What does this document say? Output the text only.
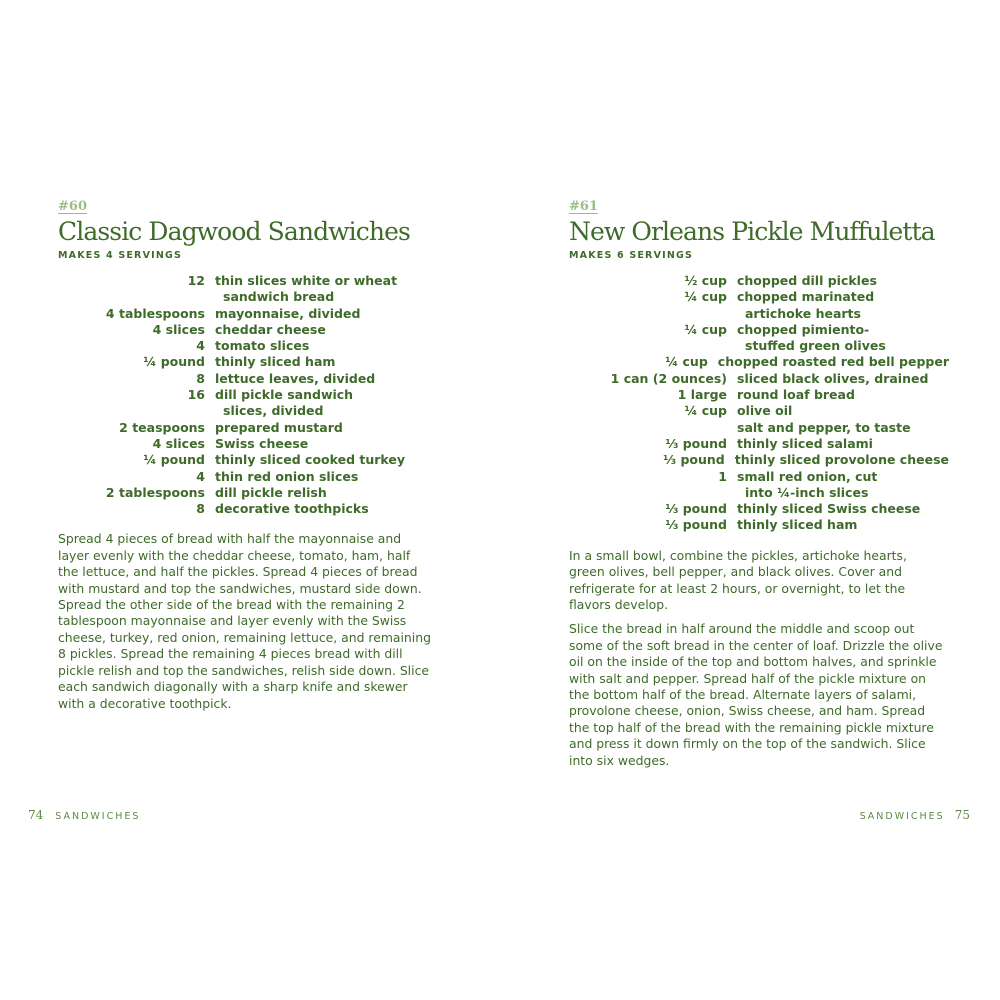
#60
Classic Dagwood Sandwiches
MAKES 4 SERVINGS
12 thin slices white or wheat
sandwich bread
4 tablespoons mayonnaise, divided
4 slices cheddar cheese
4 tomato slices
¼ pound thinly sliced ham
8 lettuce leaves, divided
16 dill pickle sandwich
slices, divided
2 teaspoons prepared mustard
4 slices Swiss cheese
¼ pound thinly sliced cooked turkey
4 thin red onion slices
2 tablespoons dill pickle relish
8 decorative toothpicks

Spread 4 pieces of bread with half the mayonnaise and layer evenly with the cheddar cheese, tomato, ham, half the lettuce, and half the pickles. Spread 4 pieces of bread with mustard and top the sandwiches, mustard side down. Spread the other side of the bread with the remaining 2 tablespoon mayonnaise and layer evenly with the Swiss cheese, turkey, red onion, remaining lettuce, and remaining 8 pickles. Spread the remaining 4 pieces bread with dill pickle relish and top the sandwiches, relish side down. Slice each sandwich diagonally with a sharp knife and skewer with a decorative toothpick.

74 SANDWICHES
#61
New Orleans Pickle Muffuletta
MAKES 6 SERVINGS
½ cup chopped dill pickles
¼ cup chopped marinated
artichoke hearts
¼ cup chopped pimiento-
stuffed green olives
¼ cup chopped roasted red bell pepper
1 can (2 ounces) sliced black olives, drained
1 large round loaf bread
¼ cup olive oil
salt and pepper, to taste
⅓ pound thinly sliced salami
⅓ pound thinly sliced provolone cheese
1 small red onion, cut
into ¼-inch slices
⅓ pound thinly sliced Swiss cheese
⅓ pound thinly sliced ham

In a small bowl, combine the pickles, artichoke hearts, green olives, bell pepper, and black olives. Cover and refrigerate for at least 2 hours, or overnight, to let the flavors develop.

Slice the bread in half around the middle and scoop out some of the soft bread in the center of loaf. Drizzle the olive oil on the inside of the top and bottom halves, and sprinkle with salt and pepper. Spread half of the pickle mixture on the bottom half of the bread. Alternate layers of salami, provolone cheese, onion, Swiss cheese, and ham. Spread the top half of the bread with the remaining pickle mixture and press it down firmly on the top of the sandwich. Slice into six wedges.

SANDWICHES 75
